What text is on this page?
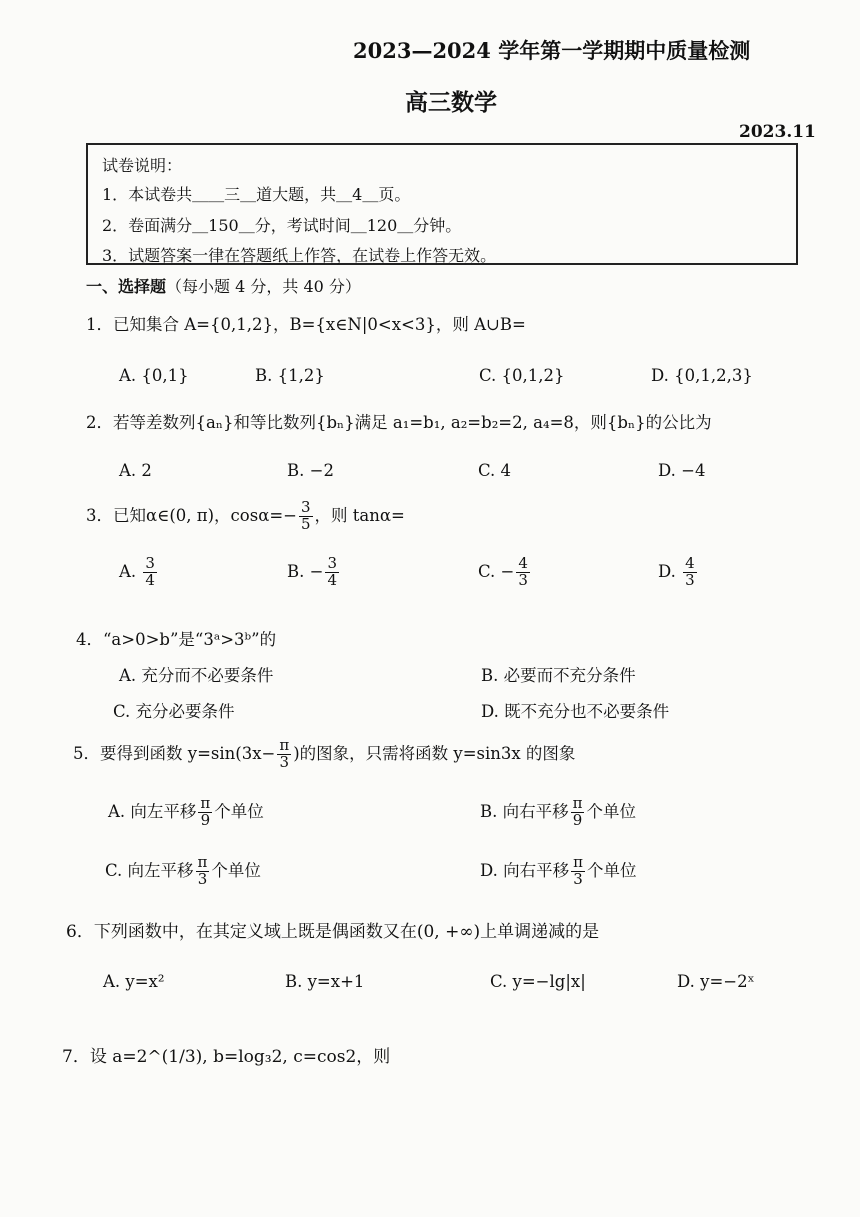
2023—2024 学年第一学期期中质量检测
高三数学
2023.11
试卷说明：
1．本试卷共＿＿三＿道大题，共＿4＿页。
2．卷面满分＿150＿分，考试时间＿120＿分钟。
3．试题答案一律在答题纸上作答，在试卷上作答无效。
一、选择题（每小题 4 分，共 40 分）
1．已知集合 A={0,1,2}，B={x∈N|0<x<3}，则 A∪B=
A. {0,1}	B. {1,2}	C. {0,1,2}	D. {0,1,2,3}
2．若等差数列{aₙ}和等比数列{bₙ}满足 a₁=b₁, a₂=b₂=2, a₄=8，则{bₙ}的公比为
A. 2	B. −2	C. 4	D. −4
3．已知α∈(0, π)，$\cos\alpha=- \frac{3}{5}$ ，则 tanα=
A. $\frac{3}{4}$	B. − $\frac{3}{4}$	C. − $\frac{4}{3}$	D. $\frac{4}{3}$
4．“a>0>b”是“3ᵃ>3ᵇ”的
A. 充分而不必要条件	B. 必要而不充分条件
C. 充分必要条件	D. 既不充分也不必要条件
5．要得到函数 $y=\sin(3x- \frac{\pi}{3}$ )的图象，只需将函数 y=sin3x 的图象
A. 向左平移 $\frac{\pi}{9}$ 个单位	B. 向右平移 $\frac{\pi}{9}$ 个单位
C. 向左平移 $\frac{\pi}{3}$ 个单位	D. 向右平移 $\frac{\pi}{3}$ 个单位
6．下列函数中，在其定义域上既是偶函数又在(0, +∞)上单调递减的是
A. y=x²	B. y=x+1	C. y=−lg|x|	D. y=−2ˣ
7．设 a=2^(1/3), b=log₃2, c=cos2，则
